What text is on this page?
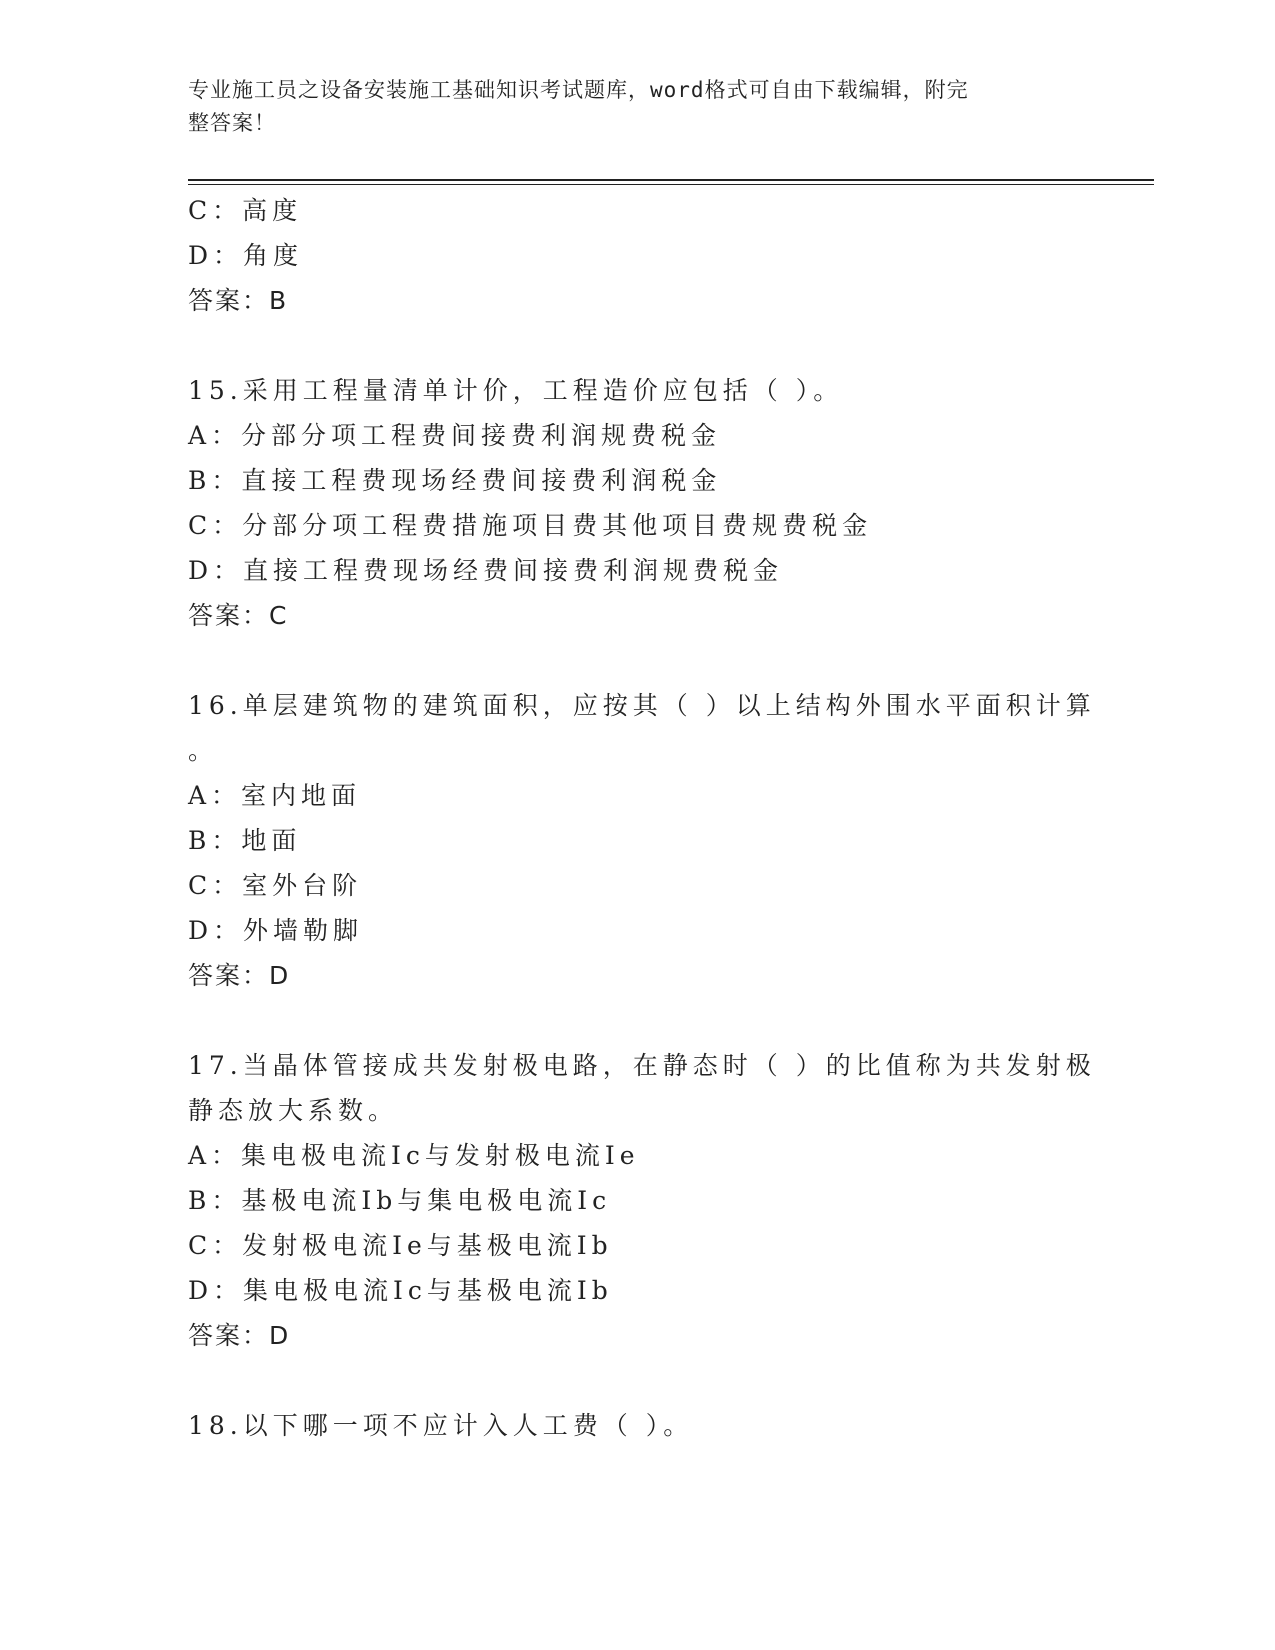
专业施工员之设备安装施工基础知识考试题库，word格式可自由下载编辑，附完
整答案！
C：高度
D：角度
答案：B
15.采用工程量清单计价，工程造价应包括（ ）。
A：分部分项工程费间接费利润规费税金
B：直接工程费现场经费间接费利润税金
C：分部分项工程费措施项目费其他项目费规费税金
D：直接工程费现场经费间接费利润规费税金
答案：C
16.单层建筑物的建筑面积，应按其（ ）以上结构外围水平面积计算
。
A：室内地面
B：地面
C：室外台阶
D：外墙勒脚
答案：D
17.当晶体管接成共发射极电路，在静态时（ ）的比值称为共发射极
静态放大系数。
A：集电极电流Ic与发射极电流Ie
B：基极电流Ib与集电极电流Ic
C：发射极电流Ie与基极电流Ib
D：集电极电流Ic与基极电流Ib
答案：D
18.以下哪一项不应计入人工费（ ）。
